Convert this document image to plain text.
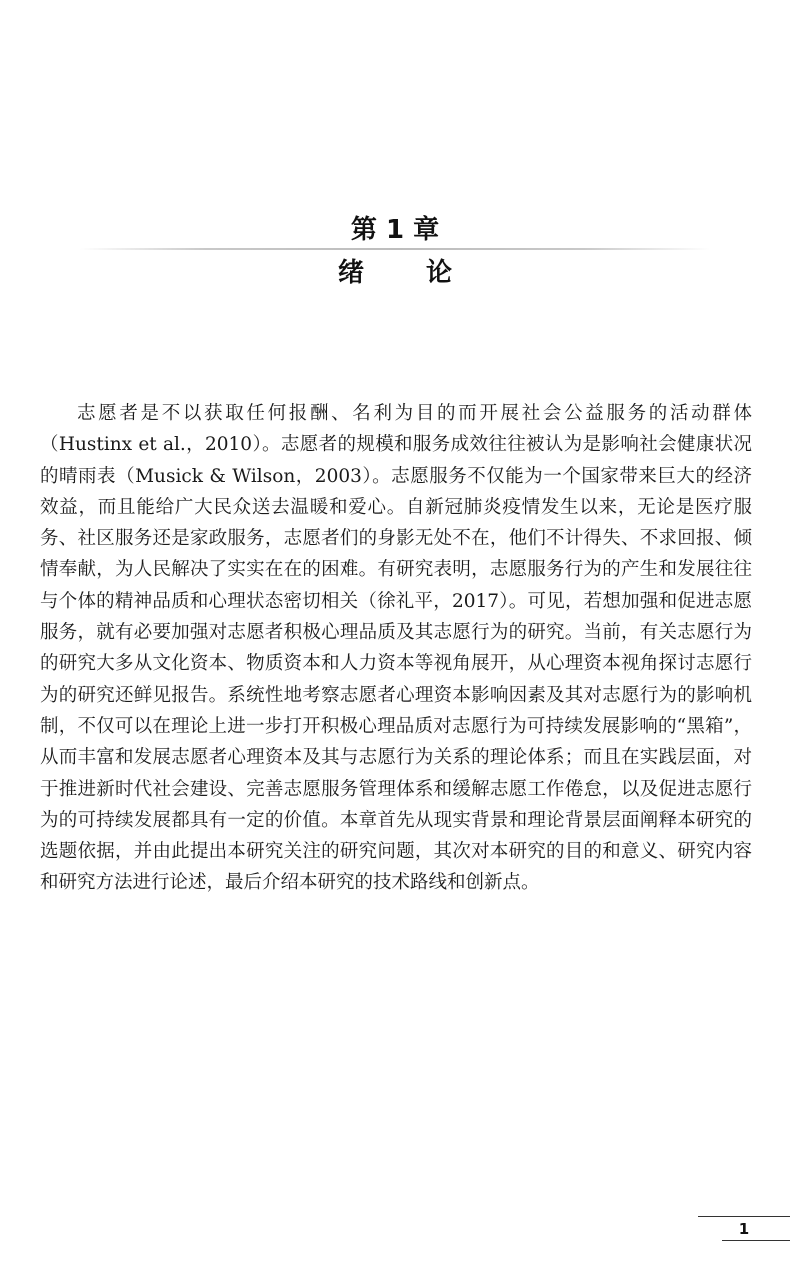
第 1 章
绪论

志愿者是不以获取任何报酬、名利为目的而开展社会公益服务的活动群体（Hustinx et al.，2010）。志愿者的规模和服务成效往往被认为是影响社会健康状况的晴雨表（Musick & Wilson，2003）。志愿服务不仅能为一个国家带来巨大的经济效益，而且能给广大民众送去温暖和爱心。自新冠肺炎疫情发生以来，无论是医疗服务、社区服务还是家政服务，志愿者们的身影无处不在，他们不计得失、不求回报、倾情奉献，为人民解决了实实在在的困难。有研究表明，志愿服务行为的产生和发展往往与个体的精神品质和心理状态密切相关（徐礼平，2017）。可见，若想加强和促进志愿服务，就有必要加强对志愿者积极心理品质及其志愿行为的研究。当前，有关志愿行为的研究大多从文化资本、物质资本和人力资本等视角展开，从心理资本视角探讨志愿行为的研究还鲜见报告。系统性地考察志愿者心理资本影响因素及其对志愿行为的影响机制，不仅可以在理论上进一步打开积极心理品质对志愿行为可持续发展影响的“黑箱”，从而丰富和发展志愿者心理资本及其与志愿行为关系的理论体系；而且在实践层面，对于推进新时代社会建设、完善志愿服务管理体系和缓解志愿工作倦怠，以及促进志愿行为的可持续发展都具有一定的价值。本章首先从现实背景和理论背景层面阐释本研究的选题依据，并由此提出本研究关注的研究问题，其次对本研究的目的和意义、研究内容和研究方法进行论述，最后介绍本研究的技术路线和创新点。

1
